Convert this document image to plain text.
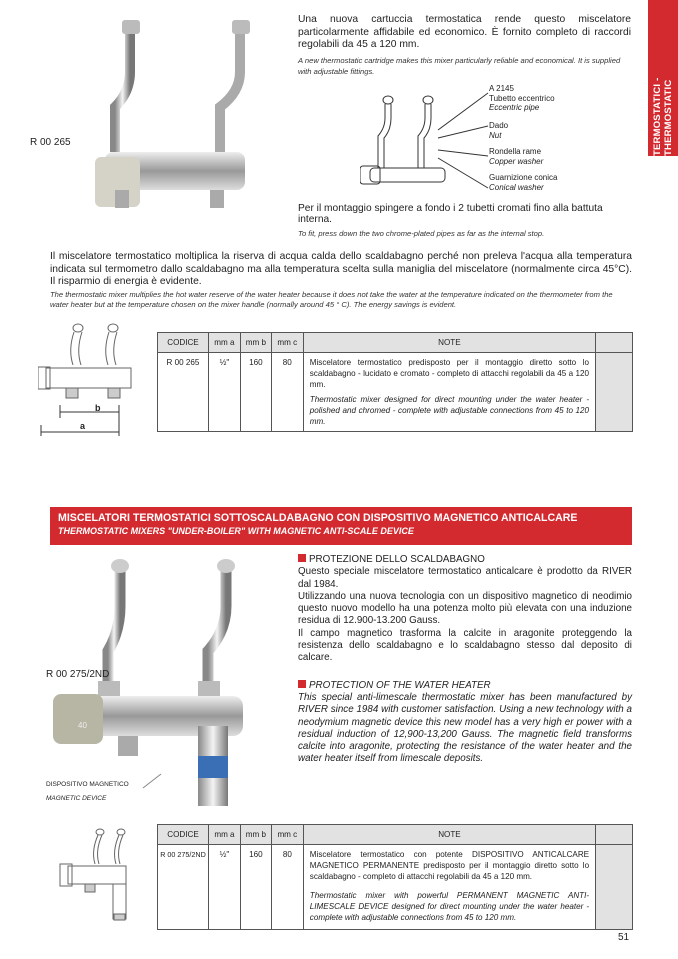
TERMOSTATICI - THERMOSTATIC
R 00 265
Una nuova cartuccia termostatica rende questo miscelatore particolarmente affidabile ed economico. È fornito completo di raccordi regolabili da 45 a 120 mm.
A new thermostatic cartridge makes this mixer particularly reliable and economical. It is supplied with adjustable fittings.
A 2145
Tubetto eccentrico
Eccentric pipe
Dado
Nut
Rondella rame
Copper washer
Guarnizione conica
Conical washer
Per il montaggio spingere a fondo i 2 tubetti cromati fino alla battuta interna.
To fit, press down the two chrome-plated pipes as far as the internal stop.
Il miscelatore termostatico moltiplica la riserva di acqua calda dello scaldabagno perché non preleva l'acqua alla temperatura indicata sul termometro dallo scaldabagno ma alla temperatura scelta sulla maniglia del miscelatore (normalmente circa 45°C). Il risparmio di energia è evidente.
The thermostatic mixer multiplies the hot water reserve of the water heater because it does not take the water at the temperature indicated on the thermometer from the water heater but at the temperature chosen on the mixer handle (normally around 45 ° C). The energy savings is evident.
b
a
CODICE	mm a	mm b	mm c	NOTE	
R 00 265	½"	160	80	Miscelatore termostatico predisposto per il montaggio diretto sotto lo scaldabagno - lucidato e cromato - completo di attacchi regolabili da 45 a 120 mm.
Thermostatic mixer designed for direct mounting under the water heater - polished and chromed - complete with adjustable connections from 45 to 120 mm.	

MISCELATORI TERMOSTATICI SOTTOSCALDABAGNO CON DISPOSITIVO MAGNETICO ANTICALCARE
THERMOSTATIC MIXERS "UNDER-BOILER" WITH MAGNETIC ANTI-SCALE DEVICE
40
R 00 275/2ND
DISPOSITIVO MAGNETICO
MAGNETIC DEVICE
PROTEZIONE DELLO SCALDABAGNO
Questo speciale miscelatore termostatico anticalcare è prodotto da RIVER dal 1984.
Utilizzando una nuova tecnologia con un dispositivo magnetico di neodimio questo nuovo modello ha una potenza molto più elevata con una induzione residua di 12.900-13.200 Gauss.
Il campo magnetico trasforma la calcite in aragonite proteggendo la resistenza dello scaldabagno e lo scaldabagno stesso dal deposito di calcare.
PROTECTION OF THE WATER HEATER
This special anti-limescale thermostatic mixer has been manufactured by RIVER since 1984 with customer satisfaction. Using a new technology with a neodymium magnetic device this new model has a very high er power with a residual induction of 12,900-13,200 Gauss. The magnetic field transforms calcite into aragonite, protecting the resistance of the water heater and the water heater itself from limescale deposits.
CODICE	mm a	mm b	mm c	NOTE	
R 00 275/2ND	½"	160	80	Miscelatore termostatico con potente DISPOSITIVO ANTICALCARE MAGNETICO PERMANENTE predisposto per il montaggio diretto sotto lo scaldabagno - completo di attacchi regolabili da 45 a 120 mm.
Thermostatic mixer with powerful PERMANENT MAGNETIC ANTI-LIMESCALE DEVICE designed for direct mounting under the water heater - complete with adjustable connections from 45 to 120 mm.	

51
